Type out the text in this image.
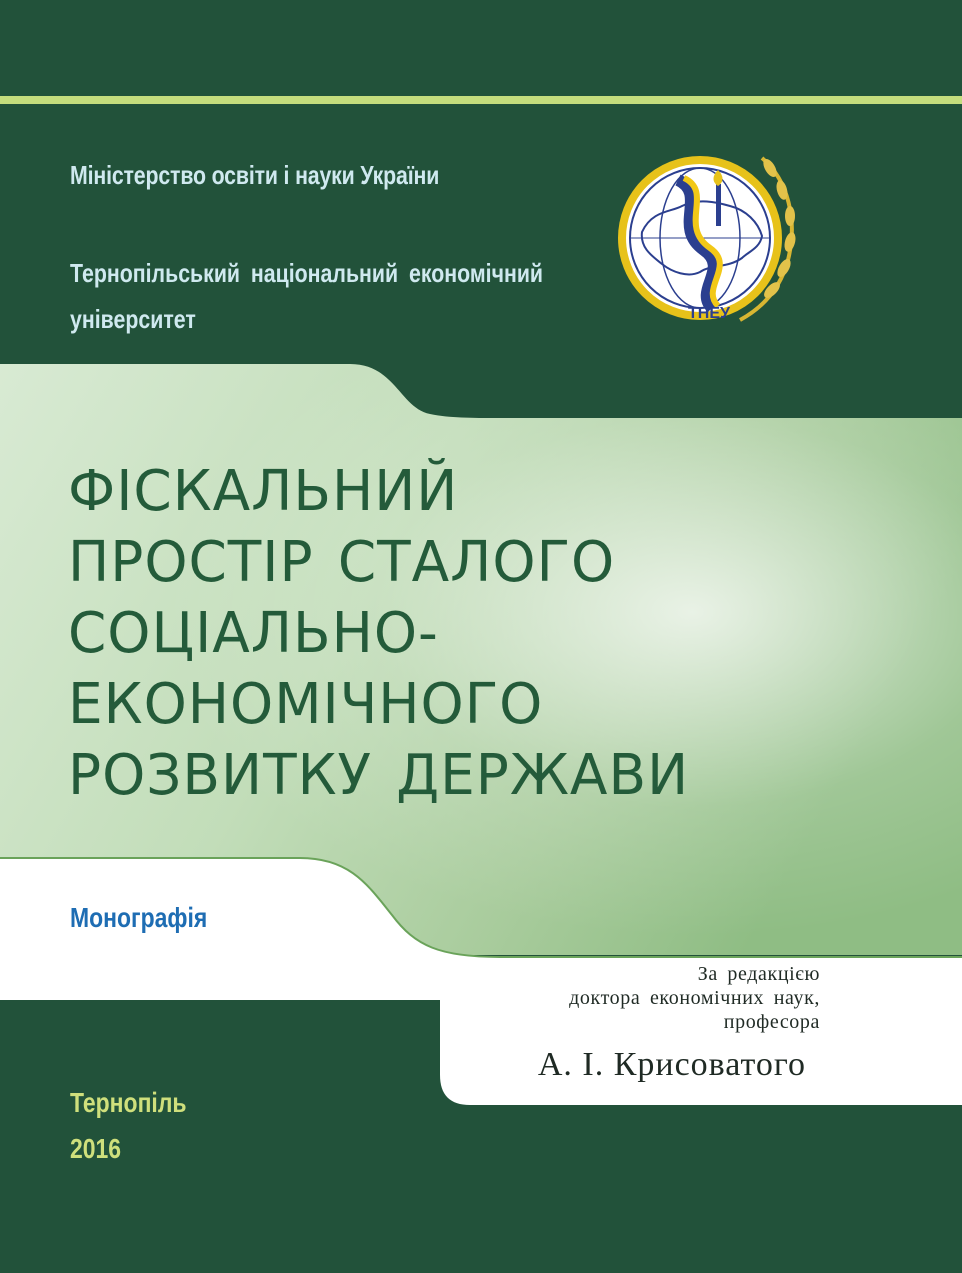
Міністерство освіти і науки України
Тернопільський національний економічний університет	ТНЕУ
ФІСКАЛЬНИЙ
ПРОСТІР СТАЛОГО
СОЦІАЛЬНО-
ЕКОНОМІЧНОГО
РОЗВИТКУ ДЕРЖАВИ
Монографія
За редакцією
доктора економічних наук,
професора
А. І. Крисоватого
Тернопіль
2016
